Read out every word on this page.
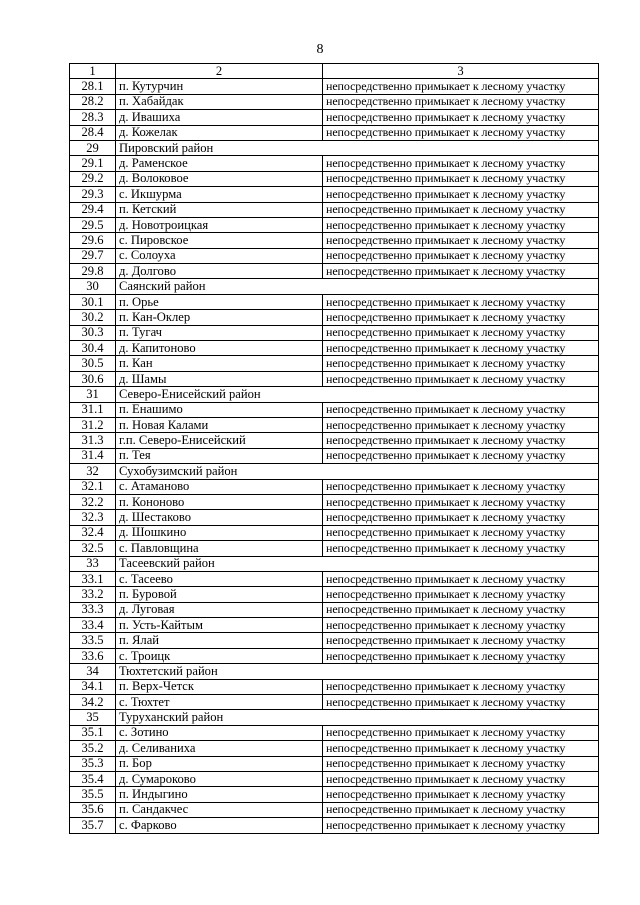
8
1	2	3
28.1	п. Кутурчин	непосредственно примыкает к лесному участку
28.2	п. Хабайдак	непосредственно примыкает к лесному участку
28.3	д. Ивашиха	непосредственно примыкает к лесному участку
28.4	д. Кожелак	непосредственно примыкает к лесному участку
29	Пировский район	
29.1	д. Раменское	непосредственно примыкает к лесному участку
29.2	д. Волоковое	непосредственно примыкает к лесному участку
29.3	с. Икшурма	непосредственно примыкает к лесному участку
29.4	п. Кетский	непосредственно примыкает к лесному участку
29.5	д. Новотроицкая	непосредственно примыкает к лесному участку
29.6	с. Пировское	непосредственно примыкает к лесному участку
29.7	с. Солоуха	непосредственно примыкает к лесному участку
29.8	д. Долгово	непосредственно примыкает к лесному участку
30	Саянский район	
30.1	п. Орье	непосредственно примыкает к лесному участку
30.2	п. Кан-Оклер	непосредственно примыкает к лесному участку
30.3	п. Тугач	непосредственно примыкает к лесному участку
30.4	д. Капитоново	непосредственно примыкает к лесному участку
30.5	п. Кан	непосредственно примыкает к лесному участку
30.6	д. Шамы	непосредственно примыкает к лесному участку
31	Северо-Енисейский район	
31.1	п. Енашимо	непосредственно примыкает к лесному участку
31.2	п. Новая Калами	непосредственно примыкает к лесному участку
31.3	г.п. Северо-Енисейский	непосредственно примыкает к лесному участку
31.4	п. Тея	непосредственно примыкает к лесному участку
32	Сухобузимский район	
32.1	с. Атаманово	непосредственно примыкает к лесному участку
32.2	п. Кононово	непосредственно примыкает к лесному участку
32.3	д. Шестаково	непосредственно примыкает к лесному участку
32.4	д. Шошкино	непосредственно примыкает к лесному участку
32.5	с. Павловщина	непосредственно примыкает к лесному участку
33	Тасеевский район	
33.1	с. Тасеево	непосредственно примыкает к лесному участку
33.2	п. Буровой	непосредственно примыкает к лесному участку
33.3	д. Луговая	непосредственно примыкает к лесному участку
33.4	п. Усть-Кайтым	непосредственно примыкает к лесному участку
33.5	п. Ялай	непосредственно примыкает к лесному участку
33.6	с. Троицк	непосредственно примыкает к лесному участку
34	Тюхтетский район	
34.1	п. Верх-Четск	непосредственно примыкает к лесному участку
34.2	с. Тюхтет	непосредственно примыкает к лесному участку
35	Туруханский район	
35.1	с. Зотино	непосредственно примыкает к лесному участку
35.2	д. Селиваниха	непосредственно примыкает к лесному участку
35.3	п. Бор	непосредственно примыкает к лесному участку
35.4	д. Сумароково	непосредственно примыкает к лесному участку
35.5	п. Индыгино	непосредственно примыкает к лесному участку
35.6	п. Сандакчес	непосредственно примыкает к лесному участку
35.7	с. Фарково	непосредственно примыкает к лесному участку
